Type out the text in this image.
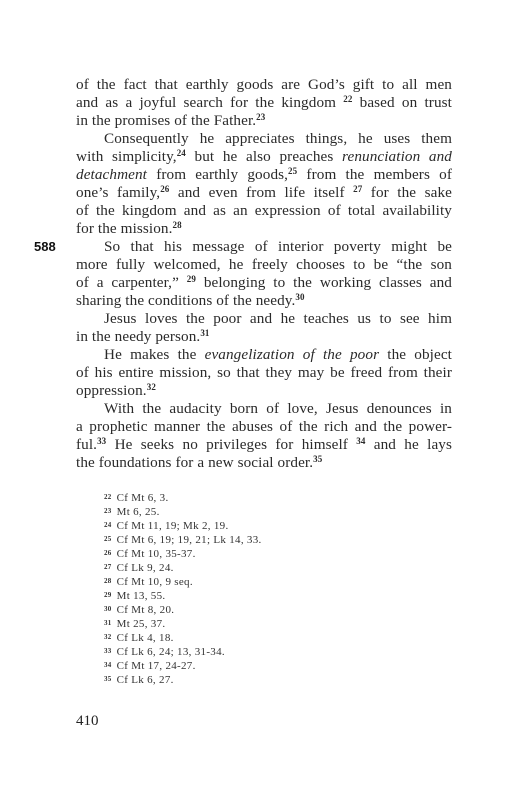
of the fact that earthly goods are God’s gift to all men
and as a joyful search for the kingdom $^{22}$ based on trust
in the promises of the Father.$^{23}$
Consequently he appreciates things, he uses them
with simplicity,$^{24}$ but he also preaches renunciation and
detachment from earthly goods,$^{25}$ from the members of
one’s family,$^{26}$ and even from life itself $^{27}$ for the sake
of the kingdom and as an expression of total availability
for the mission.$^{28}$
588	So that his message of interior poverty might be
more fully welcomed, he freely chooses to be “the son
of a carpenter,” $^{29}$ belonging to the working classes and
sharing the conditions of the needy.$^{30}$
Jesus loves the poor and he teaches us to see him
in the needy person.$^{31}$
He makes the evangelization of the poor the object
of his entire mission, so that they may be freed from their
oppression.$^{32}$
With the audacity born of love, Jesus denounces in
a prophetic manner the abuses of the rich and the power-
ful.$^{33}$ He seeks no privileges for himself $^{34}$ and he lays
the foundations for a new social order.$^{35}$
22 Cf Mt 6, 3.
23 Mt 6, 25.
24 Cf Mt 11, 19; Mk 2, 19.
25 Cf Mt 6, 19; 19, 21; Lk 14, 33.
26 Cf Mt 10, 35-37.
27 Cf Lk 9, 24.
28 Cf Mt 10, 9 seq.
29 Mt 13, 55.
30 Cf Mt 8, 20.
31 Mt 25, 37.
32 Cf Lk 4, 18.
33 Cf Lk 6, 24; 13, 31-34.
34 Cf Mt 17, 24-27.
35 Cf Lk 6, 27.
410
